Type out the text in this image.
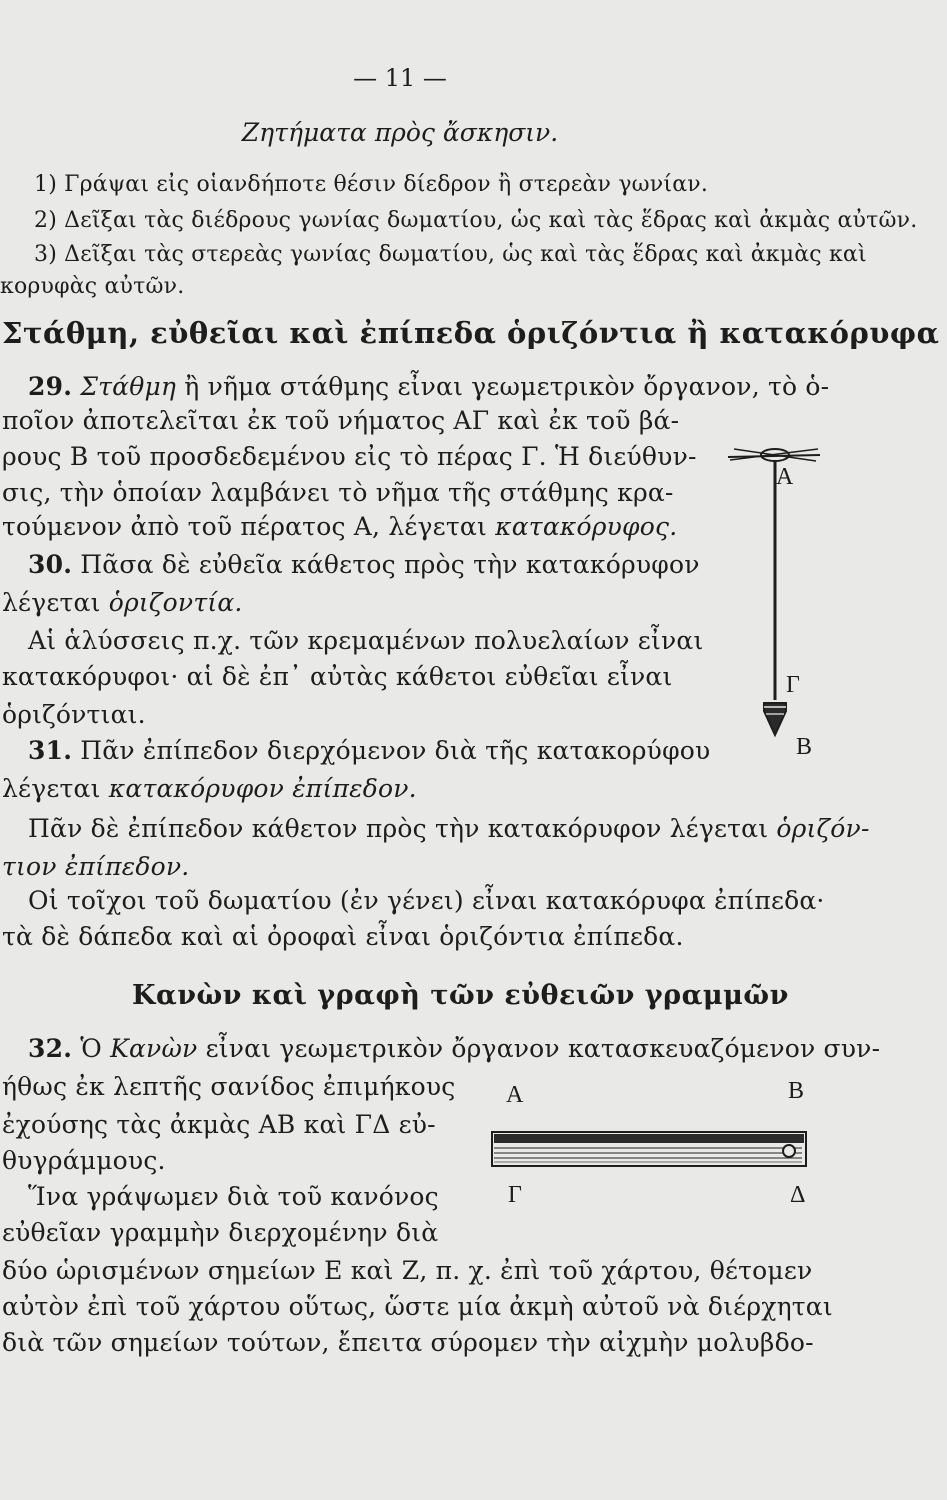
— 11 —
Ζητήματα πρὸς ἄσκησιν.
1) Γράψαι εἰς οἱανδήποτε θέσιν δίεδρον ἢ στερεὰν γωνίαν.
2) Δεῖξαι τὰς διέδρους γωνίας δωματίου, ὡς καὶ τὰς ἕδρας καὶ ἀκμὰς αὐτῶν.
3) Δεῖξαι τὰς στερεὰς γωνίας δωματίου, ὡς καὶ τὰς ἕδρας καὶ ἀκμὰς καὶ
κορυφὰς αὐτῶν.
Στάθμη, εὐθεῖαι καὶ ἐπίπεδα ὁριζόντια ἢ κατακόρυφα
29. Στάθμη ἢ νῆμα στάθμης εἶναι γεωμετρικὸν ὄργανον, τὸ ὁ-
ποῖον ἀποτελεῖται ἐκ τοῦ νήματος ΑΓ καὶ ἐκ τοῦ βά-
ρους Β τοῦ προσδεδεμένου εἰς τὸ πέρας Γ. Ἡ διεύθυν-
σις, τὴν ὁποίαν λαμβάνει τὸ νῆμα τῆς στάθμης κρα-
τούμενον ἀπὸ τοῦ πέρατος Α, λέγεται κατακόρυφος.
30. Πᾶσα δὲ εὐθεῖα κάθετος πρὸς τὴν κατακόρυφον
λέγεται ὁριζοντία.
Αἱ ἁλύσσεις π.χ. τῶν κρεμαμένων πολυελαίων εἶναι
κατακόρυφοι· αἱ δὲ ἐπ᾽ αὐτὰς κάθετοι εὐθεῖαι εἶναι
ὁριζόντιαι.
31. Πᾶν ἐπίπεδον διερχόμενον διὰ τῆς κατακορύφου
λέγεται κατακόρυφον ἐπίπεδον.
Πᾶν δὲ ἐπίπεδον κάθετον πρὸς τὴν κατακόρυφον λέγεται ὁριζόν-
τιον ἐπίπεδον.
Οἱ τοῖχοι τοῦ δωματίου (ἐν γένει) εἶναι κατακόρυφα ἐπίπεδα·
τὰ δὲ δάπεδα καὶ αἱ ὀροφαὶ εἶναι ὁριζόντια ἐπίπεδα.
Κανὼν καὶ γραφὴ τῶν εὐθειῶν γραμμῶν
32. Ὁ Κανὼν εἶναι γεωμετρικὸν ὄργανον κατασκευαζόμενον συν-
ήθως ἐκ λεπτῆς σανίδος ἐπιμήκους
ἐχούσης τὰς ἀκμὰς ΑΒ καὶ ΓΔ εὐ-
θυγράμμους.
Ἵνα γράψωμεν διὰ τοῦ κανόνος
εὐθεῖαν γραμμὴν διερχομένην διὰ
δύο ὡρισμένων σημείων Ε καὶ Ζ, π. χ. ἐπὶ τοῦ χάρτου, θέτομεν
αὐτὸν ἐπὶ τοῦ χάρτου οὕτως, ὥστε μία ἀκμὴ αὐτοῦ νὰ διέρχηται
διὰ τῶν σημείων τούτων, ἔπειτα σύρομεν τὴν αἰχμὴν μολυβδο-
Α
Γ
Β
Α	Β
Γ	Δ
